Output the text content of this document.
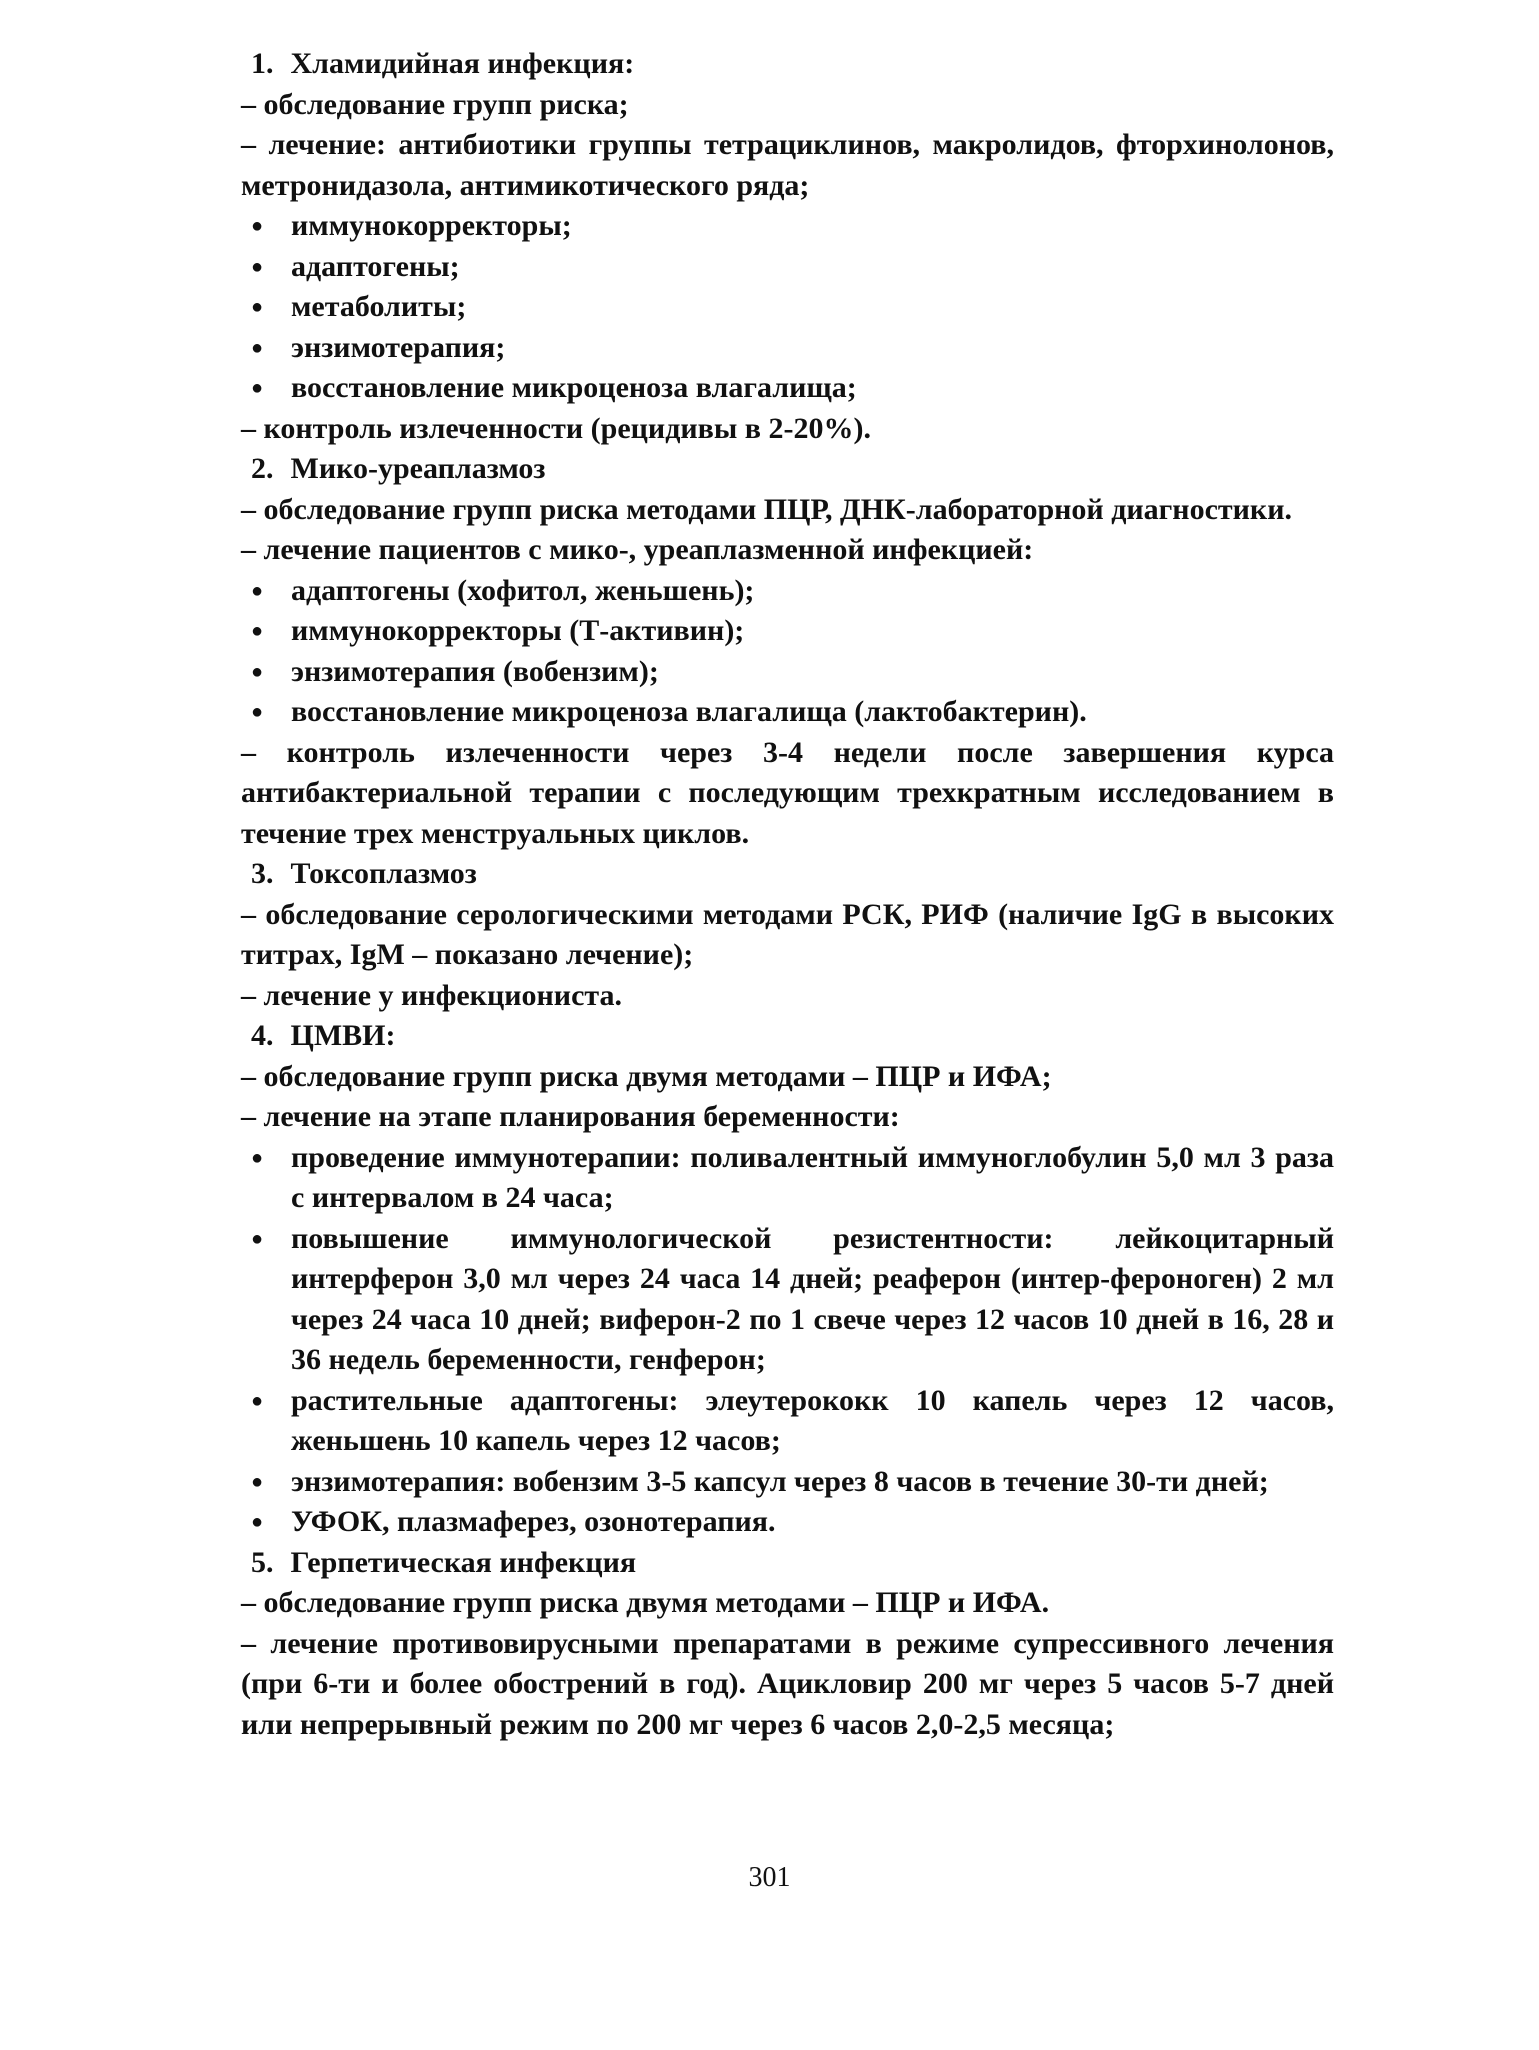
1. Хламидийная инфекция:

– обследование групп риска;

– лечение: антибиотики группы тетрациклинов, макролидов, фторхинолонов, метронидазола, антимикотического ряда;

● иммунокорректоры;
● адаптогены;
● метаболиты;
● энзимотерапия;
● восстановление микроценоза влагалища;

– контроль излеченности (рецидивы в 2-20%).

2. Мико-уреаплазмоз

– обследование групп риска методами ПЦР, ДНК-лабораторной диагностики.

– лечение пациентов с мико-, уреаплазменной инфекцией:

● адаптогены (хофитол, женьшень);
● иммунокорректоры (Т-активин);
● энзимотерапия (вобензим);
● восстановление микроценоза влагалища (лактобактерин).

– контроль излеченности через 3-4 недели после завершения курса антибактериальной терапии с последующим трехкратным исследованием в течение трех менструальных циклов.

3. Токсоплазмоз

– обследование серологическими методами РСК, РИФ (наличие IgG в высоких титрах, IgM – показано лечение);

– лечение у инфекциониста.

4. ЦМВИ:

– обследование групп риска двумя методами – ПЦР и ИФА;

– лечение на этапе планирования беременности:

● проведение иммунотерапии: поливалентный иммуноглобулин 5,0 мл 3 раза с интервалом в 24 часа;
● повышение иммунологической резистентности: лейкоцитарный интерферон 3,0 мл через 24 часа 14 дней; реаферон (интер-фероноген) 2 мл через 24 часа 10 дней; виферон-2 по 1 свече через 12 часов 10 дней в 16, 28 и 36 недель беременности, генферон;
● растительные адаптогены: элеутерококк 10 капель через 12 часов, женьшень 10 капель через 12 часов;
● энзимотерапия: вобензим 3-5 капсул через 8 часов в течение 30-ти дней;
● УФОК, плазмаферез, озонотерапия.

5. Герпетическая инфекция

– обследование групп риска двумя методами – ПЦР и ИФА.

– лечение противовирусными препаратами в режиме супрессивного лечения (при 6-ти и более обострений в год). Ацикловир 200 мг через 5 часов 5-7 дней или непрерывный режим по 200 мг через 6 часов 2,0-2,5 месяца;

301
